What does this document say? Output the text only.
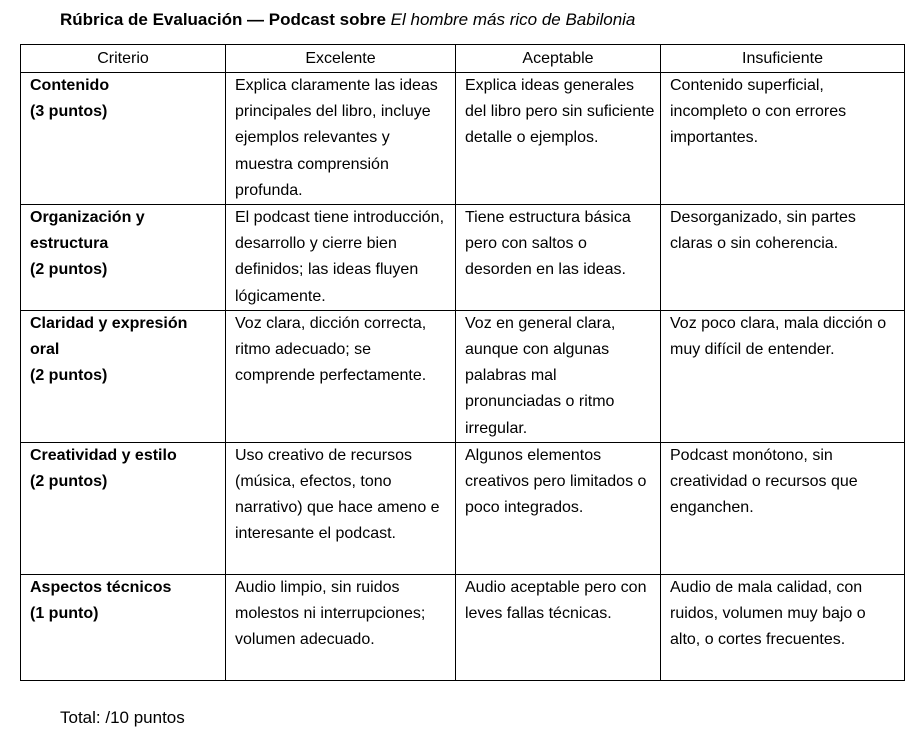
Rúbrica de Evaluación — Podcast sobre El hombre más rico de Babilonia
Criterio	Excelente	Aceptable	Insuficiente

Contenido
(3 puntos)	Explica claramente las ideas principales del libro, incluye ejemplos relevantes y muestra comprensión profunda.	Explica ideas generales del libro pero sin suficiente detalle o ejemplos.	Contenido superficial, incompleto o con errores importantes.

Organización y estructura
(2 puntos)	El podcast tiene introducción, desarrollo y cierre bien definidos; las ideas fluyen lógicamente.	Tiene estructura básica pero con saltos o desorden en las ideas.	Desorganizado, sin partes claras o sin coherencia.

Claridad y expresión oral
(2 puntos)	Voz clara, dicción correcta, ritmo adecuado; se comprende perfectamente.	Voz en general clara, aunque con algunas palabras mal pronunciadas o ritmo irregular.	Voz poco clara, mala dicción o muy difícil de entender.

Creatividad y estilo
(2 puntos)	Uso creativo de recursos (música, efectos, tono narrativo) que hace ameno e interesante el podcast.	Algunos elementos creativos pero limitados o poco integrados.	Podcast monótono, sin creatividad o recursos que enganchen.

Aspectos técnicos
(1 punto)	Audio limpio, sin ruidos molestos ni interrupciones; volumen adecuado.	Audio aceptable pero con leves fallas técnicas.	Audio de mala calidad, con ruidos, volumen muy bajo o alto, o cortes frecuentes.
Total: /10 puntos
